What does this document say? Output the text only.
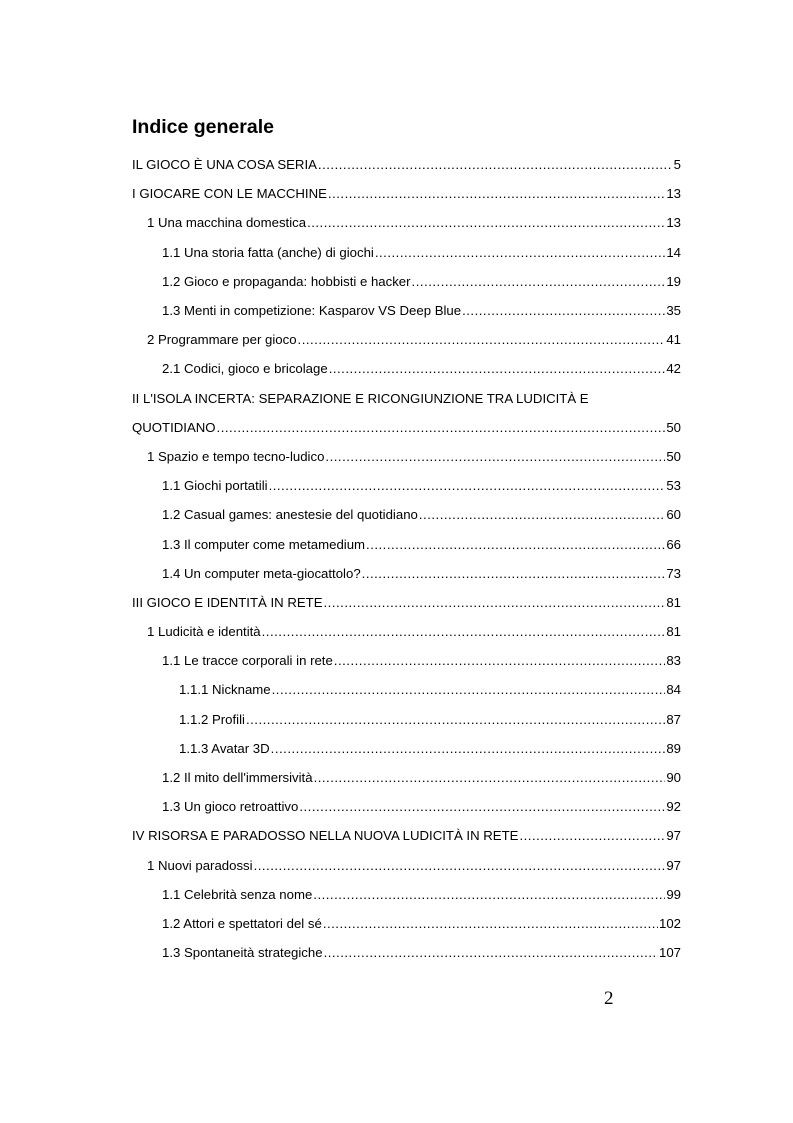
Indice generale
IL GIOCO È UNA COSA SERIA .....	5
I GIOCARE CON LE MACCHINE .....	13
1 Una macchina domestica .....	13
1.1 Una storia fatta (anche) di giochi .....	14
1.2 Gioco e propaganda: hobbisti e hacker .....	19
1.3 Menti in competizione: Kasparov VS Deep Blue .....	35
2 Programmare per gioco .....	41
2.1 Codici, gioco e bricolage .....	42
II L'ISOLA INCERTA: SEPARAZIONE E RICONGIUNZIONE TRA LUDICITÀ E
QUOTIDIANO .....	50
1 Spazio e tempo tecno-ludico .....	50
1.1 Giochi portatili .....	53
1.2 Casual games: anestesie del quotidiano .....	60
1.3 Il computer come metamedium .....	66
1.4 Un computer meta-giocattolo? .....	73
III GIOCO E IDENTITÀ IN RETE .....	81
1 Ludicità e identità .....	81
1.1 Le tracce corporali in rete .....	83
1.1.1 Nickname .....	84
1.1.2 Profili .....	87
1.1.3 Avatar 3D .....	89
1.2 Il mito dell'immersività .....	90
1.3 Un gioco retroattivo .....	92
IV RISORSA E PARADOSSO NELLA NUOVA LUDICITÀ IN RETE .....	97
1 Nuovi paradossi .....	97
1.1 Celebrità senza nome .....	99
1.2 Attori e spettatori del sé .....	102
1.3 Spontaneità strategiche .....	107
2
